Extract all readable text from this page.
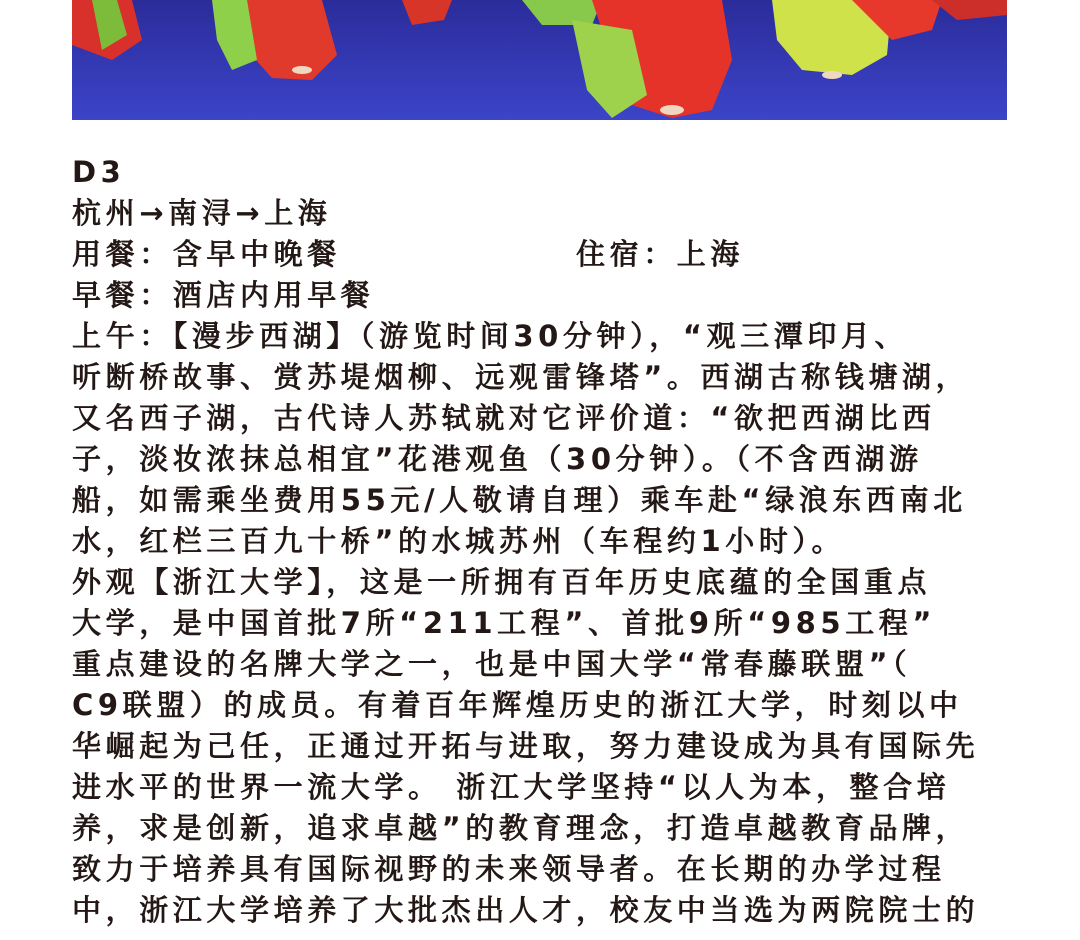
D3
杭州→南浔→上海
用餐：含早中晚餐	住宿：上海
早餐：酒店内用早餐
上午：【漫步西湖】（游览时间30分钟），“观三潭印月、
听断桥故事、赏苏堤烟柳、远观雷锋塔”。西湖古称钱塘湖，
又名西子湖，古代诗人苏轼就对它评价道：“欲把西湖比西
子，淡妆浓抹总相宜”花港观鱼（30分钟）。（不含西湖游
船，如需乘坐费用55元/人敬请自理）乘车赴“绿浪东西南北
水，红栏三百九十桥”的水城苏州（车程约1小时）。
外观【浙江大学】，这是一所拥有百年历史底蕴的全国重点
大学，是中国首批7所“211工程”、首批9所“985工程”
重点建设的名牌大学之一，也是中国大学“常春藤联盟”（
C9联盟）的成员。有着百年辉煌历史的浙江大学，时刻以中
华崛起为己任，正通过开拓与进取，努力建设成为具有国际先
进水平的世界一流大学。 浙江大学坚持“以人为本，整合培
养，求是创新，追求卓越”的教育理念，打造卓越教育品牌，
致力于培养具有国际视野的未来领导者。在长期的办学过程
中，浙江大学培养了大批杰出人才，校友中当选为两院院士的
